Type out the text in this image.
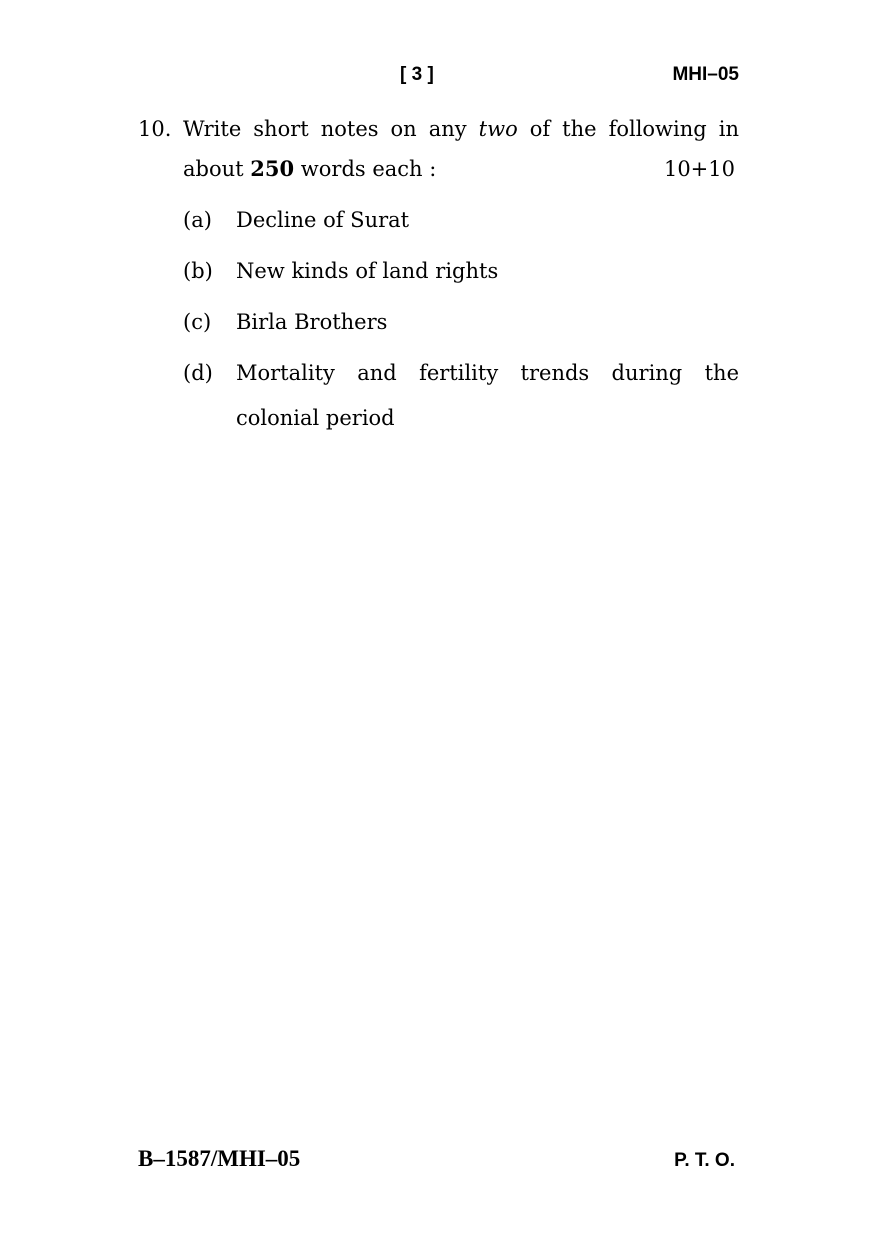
[ 3 ]	MHI–05
10. Write short notes on any two of the following in
about 250 words each :	10+10
(a)	Decline of Surat
(b)	New kinds of land rights
(c)	Birla Brothers
(d)	Mortality and fertility trends during the
colonial period
B–1587/MHI–05	P. T. O.
